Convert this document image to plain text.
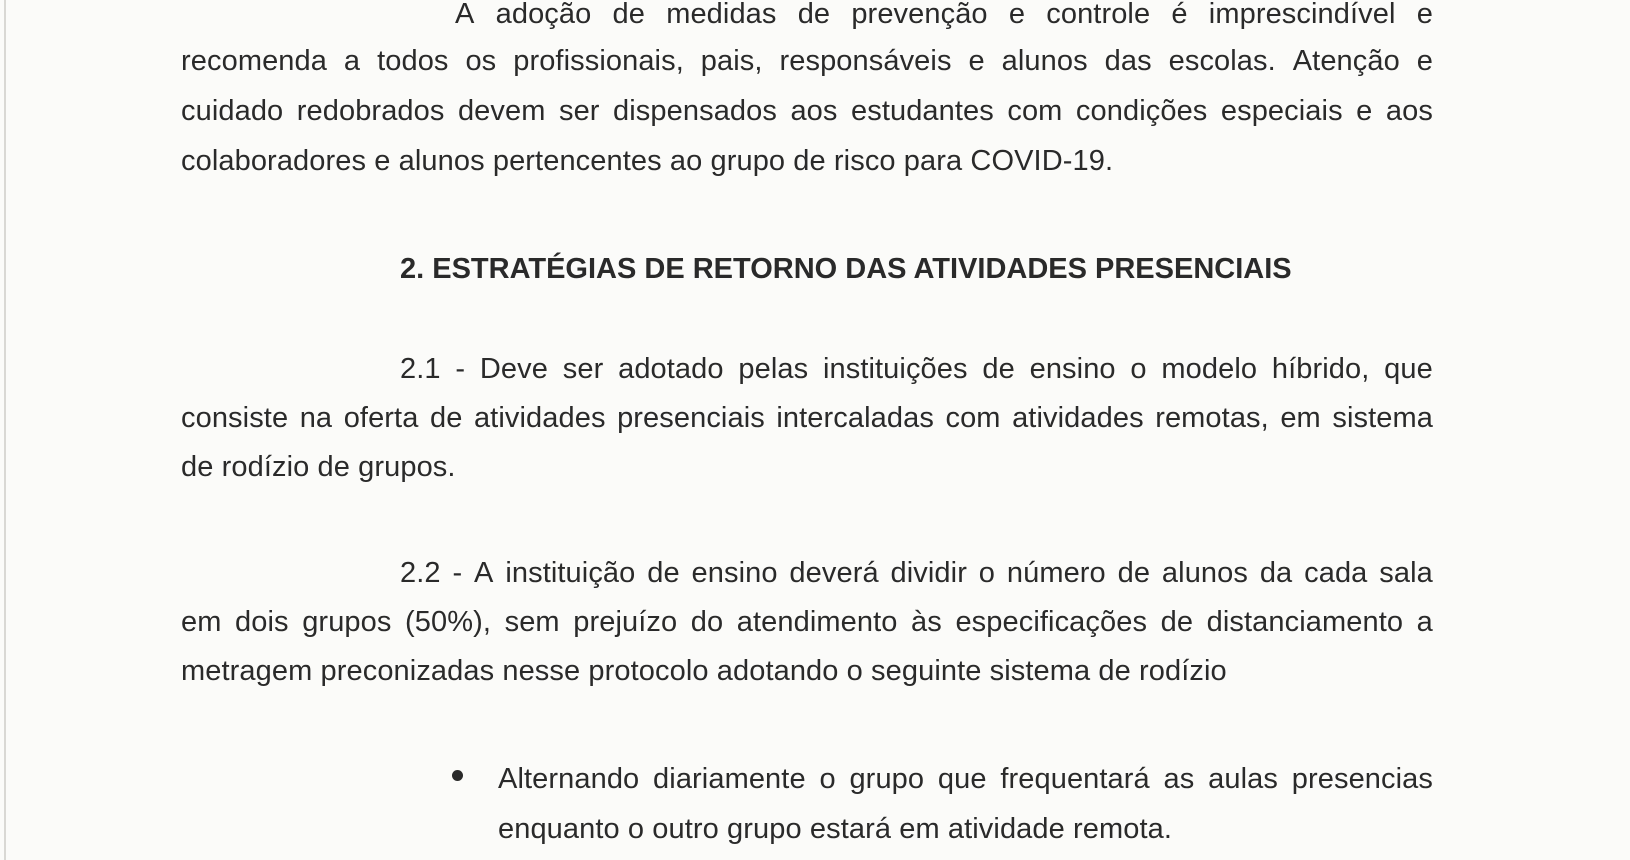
A adoção de medidas de prevenção e controle é imprescindível e
recomenda a todos os profissionais, pais, responsáveis e alunos das escolas. Atenção e
cuidado redobrados devem ser dispensados aos estudantes com condições especiais e aos
colaboradores e alunos pertencentes ao grupo de risco para COVID-19.
2. ESTRATÉGIAS DE RETORNO DAS ATIVIDADES PRESENCIAIS
2.1 - Deve ser adotado pelas instituições de ensino o modelo híbrido, que
consiste na oferta de atividades presenciais intercaladas com atividades remotas, em sistema
de rodízio de grupos.
2.2 - A instituição de ensino deverá dividir o número de alunos da cada sala
em dois grupos (50%), sem prejuízo do atendimento às especificações de distanciamento a
metragem preconizadas nesse protocolo adotando o seguinte sistema de rodízio
Alternando diariamente o grupo que frequentará as aulas presencias
enquanto o outro grupo estará em atividade remota.
